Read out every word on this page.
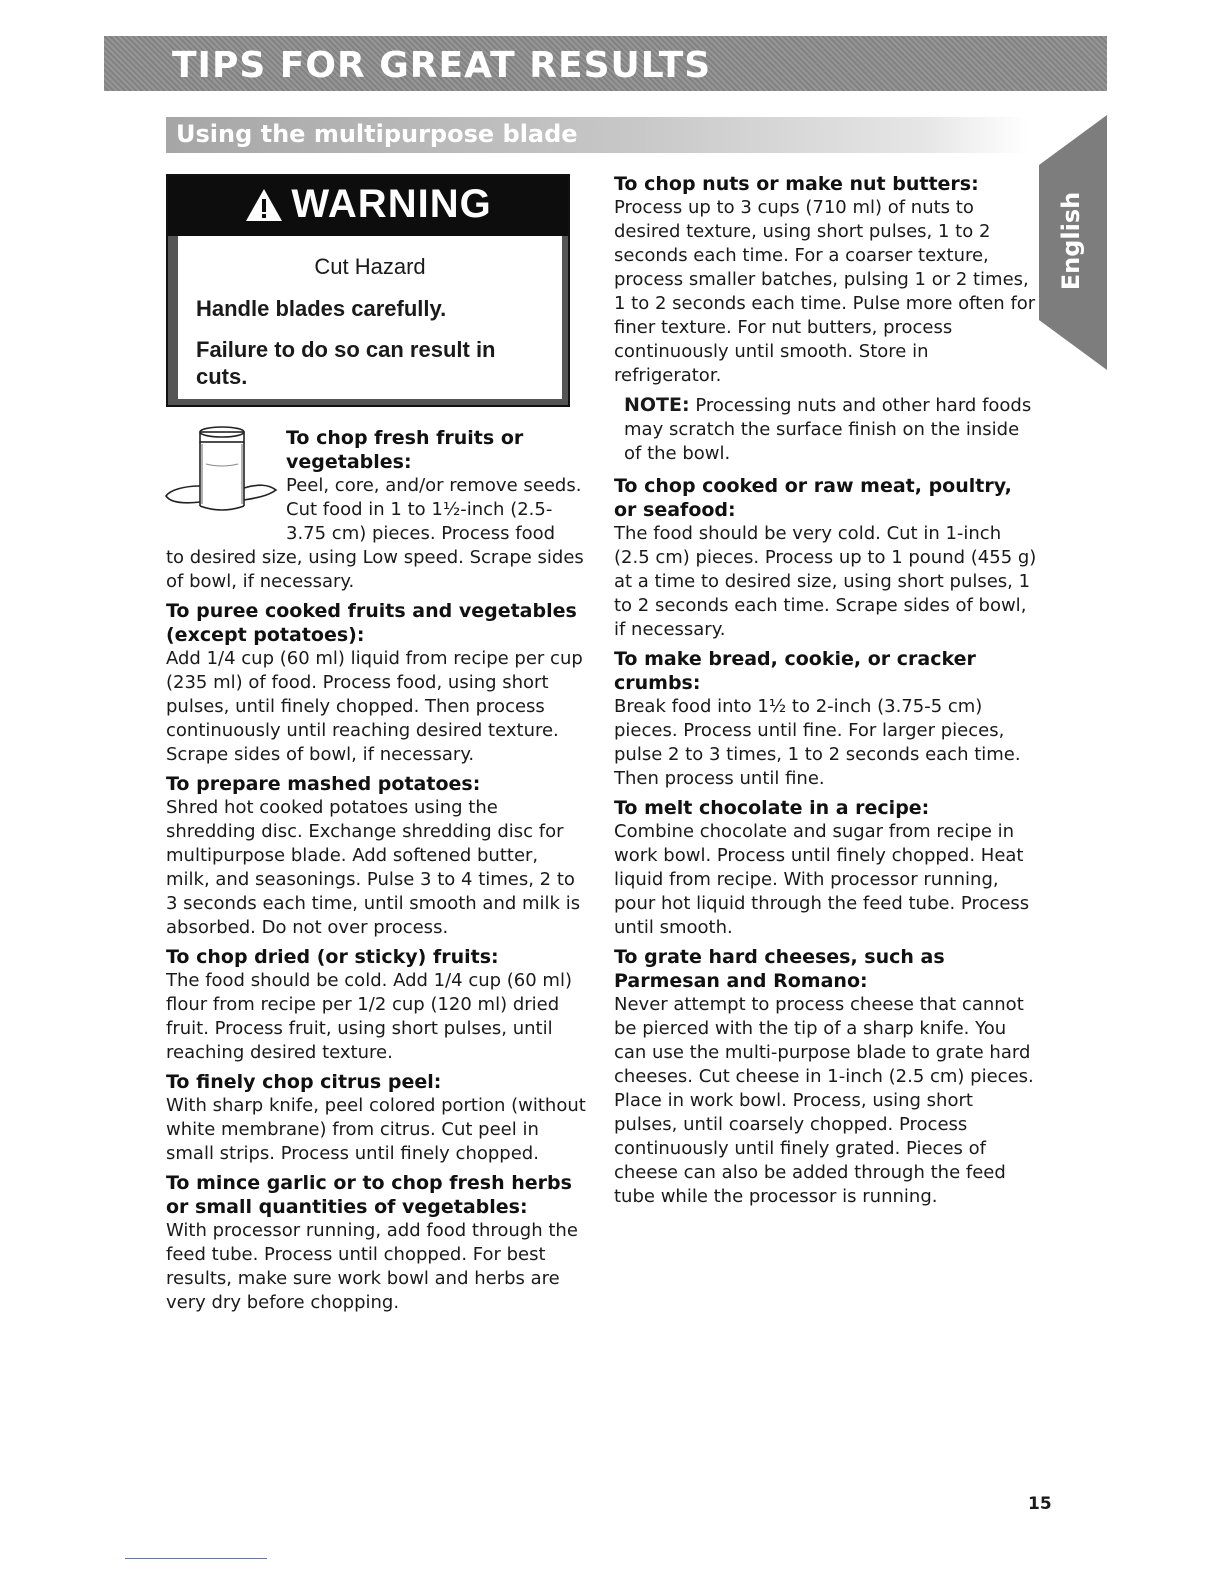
TIPS FOR GREAT RESULTS
Using the multipurpose blade
English
WARNING
Cut Hazard
Handle blades carefully.
Failure to do so can result in cuts.

To chop fresh fruits or vegetables:

Peel, core, and/or remove seeds. Cut food in 1 to 1½-inch (2.5-3.75 cm) pieces. Process food

to desired size, using Low speed. Scrape sides of bowl, if necessary.

To puree cooked fruits and vegetables (except potatoes):

Add 1/4 cup (60 ml) liquid from recipe per cup (235 ml) of food. Process food, using short pulses, until finely chopped. Then process continuously until reaching desired texture. Scrape sides of bowl, if necessary.

To prepare mashed potatoes:

Shred hot cooked potatoes using the shredding disc. Exchange shredding disc for multipurpose blade. Add softened butter, milk, and seasonings. Pulse 3 to 4 times, 2 to 3 seconds each time, until smooth and milk is absorbed. Do not over process.

To chop dried (or sticky) fruits:

The food should be cold. Add 1/4 cup (60 ml) flour from recipe per 1/2 cup (120 ml) dried fruit. Process fruit, using short pulses, until reaching desired texture.

To finely chop citrus peel:

With sharp knife, peel colored portion (without white membrane) from citrus. Cut peel in small strips. Process until finely chopped.

To mince garlic or to chop fresh herbs or small quantities of vegetables:

With processor running, add food through the feed tube. Process until chopped. For best results, make sure work bowl and herbs are very dry before chopping.

To chop nuts or make nut butters:

Process up to 3 cups (710 ml) of nuts to desired texture, using short pulses, 1 to 2 seconds each time. For a coarser texture, process smaller batches, pulsing 1 or 2 times, 1 to 2 seconds each time. Pulse more often for finer texture. For nut butters, process continuously until smooth. Store in refrigerator.

NOTE: Processing nuts and other hard foods may scratch the surface finish on the inside of the bowl.

To chop cooked or raw meat, poultry, or seafood:

The food should be very cold. Cut in 1-inch (2.5 cm) pieces. Process up to 1 pound (455 g) at a time to desired size, using short pulses, 1 to 2 seconds each time. Scrape sides of bowl, if necessary.

To make bread, cookie, or cracker crumbs:

Break food into 1½ to 2-inch (3.75-5 cm) pieces. Process until fine. For larger pieces, pulse 2 to 3 times, 1 to 2 seconds each time. Then process until fine.

To melt chocolate in a recipe:

Combine chocolate and sugar from recipe in work bowl. Process until finely chopped. Heat liquid from recipe. With processor running, pour hot liquid through the feed tube. Process until smooth.

To grate hard cheeses, such as Parmesan and Romano:

Never attempt to process cheese that cannot be pierced with the tip of a sharp knife. You can use the multi-purpose blade to grate hard cheeses. Cut cheese in 1-inch (2.5 cm) pieces. Place in work bowl. Process, using short pulses, until coarsely chopped. Process continuously until finely grated. Pieces of cheese can also be added through the feed tube while the processor is running.

15
